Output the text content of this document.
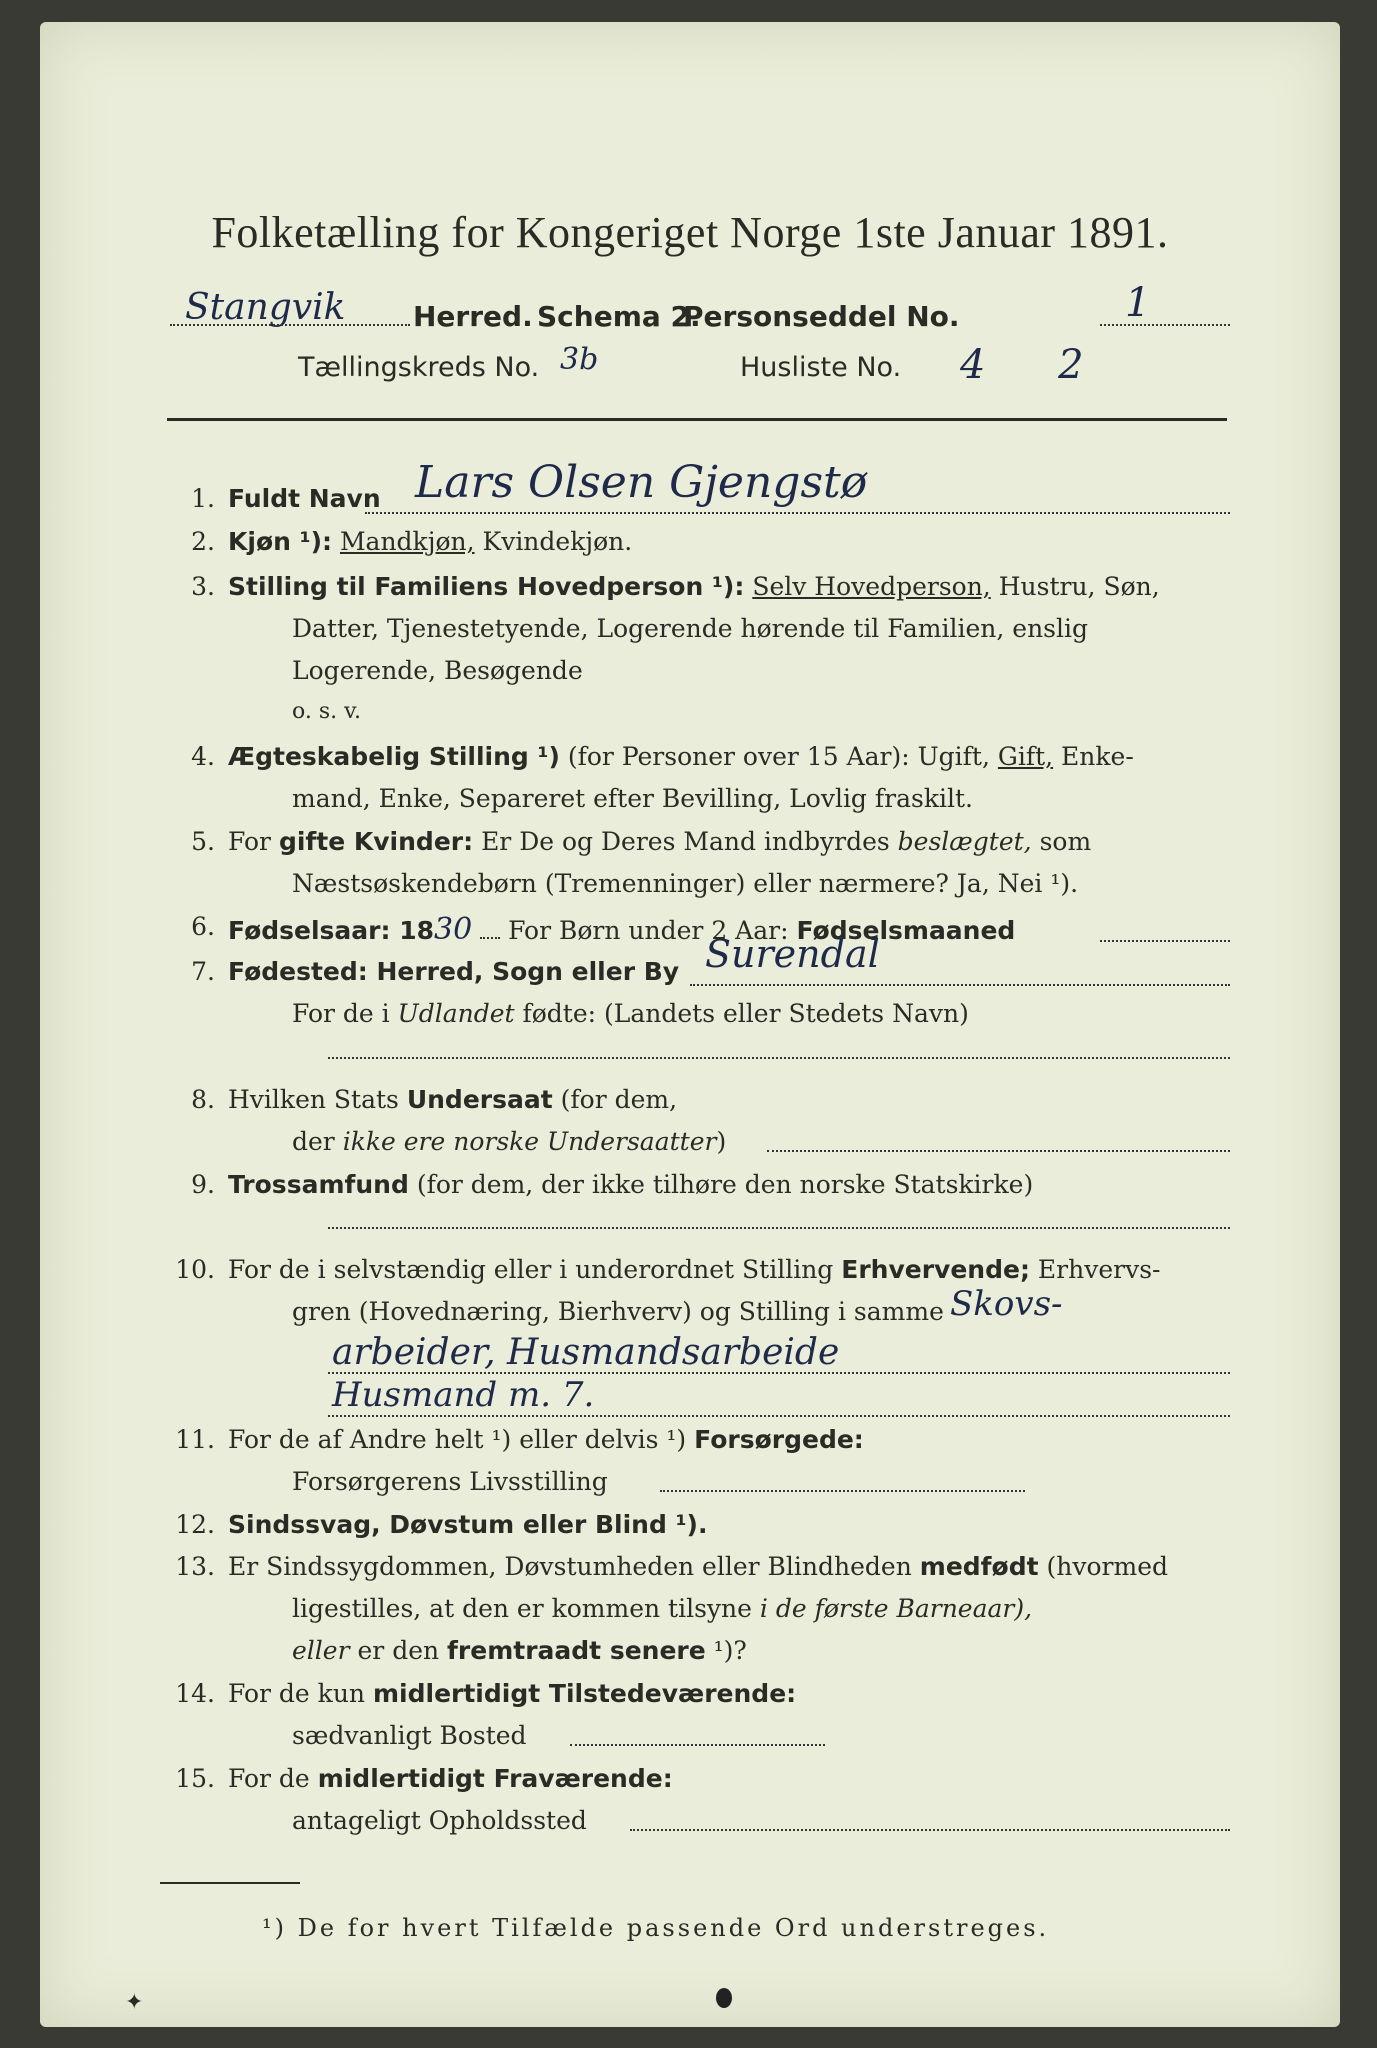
Folketælling for Kongeriget Norge 1ste Januar 1891.
Stangvik Herred. Schema 2.
Personseddel No.	1
Tællingskreds No. 3b	Husliste No. 4 2
1. Fuldt Navn Lars Olsen Gjengstø
2. Kjøn ¹): Mandkjøn, Kvindekjøn.
3. Stilling til Familiens Hovedperson ¹): Selv Hovedperson, Hustru, Søn,
Datter, Tjenestetyende, Logerende hørende til Familien, enslig
Logerende, Besøgende
o. s. v.
4. Ægteskabelig Stilling ¹) (for Personer over 15 Aar): Ugift, Gift, Enke-
mand, Enke, Separeret efter Bevilling, Lovlig fraskilt.
5. For gifte Kvinder: Er De og Deres Mand indbyrdes beslægtet, som
Næstsøskendebørn (Tremenninger) eller nærmere? Ja, Nei ¹).
6. Fødselsaar: 1830 For Børn under 2 Aar: Fødselsmaaned
7. Fødested: Herred, Sogn eller By Surendal
For de i Udlandet fødte: (Landets eller Stedets Navn)
8. Hvilken Stats Undersaat (for dem,
der ikke ere norske Undersaatter)
9. Trossamfund (for dem, der ikke tilhøre den norske Statskirke)
10. For de i selvstændig eller i underordnet Stilling Erhvervende; Erhvervs-
gren (Hovednæring, Bierhverv) og Stilling i samme Skovs-
arbeider, Husmandsarbeide
Husmand m. 7.
11. For de af Andre helt ¹) eller delvis ¹) Forsørgede:
Forsørgerens Livsstilling
12. Sindssvag, Døvstum eller Blind ¹).
13. Er Sindssygdommen, Døvstumheden eller Blindheden medfødt (hvormed
ligestilles, at den er kommen tilsyne i de første Barneaar),
eller er den fremtraadt senere ¹)?
14. For de kun midlertidigt Tilstedeværende:
sædvanligt Bosted
15. For de midlertidigt Fraværende:
antageligt Opholdssted
¹) De for hvert Tilfælde passende Ord understreges.
✦
